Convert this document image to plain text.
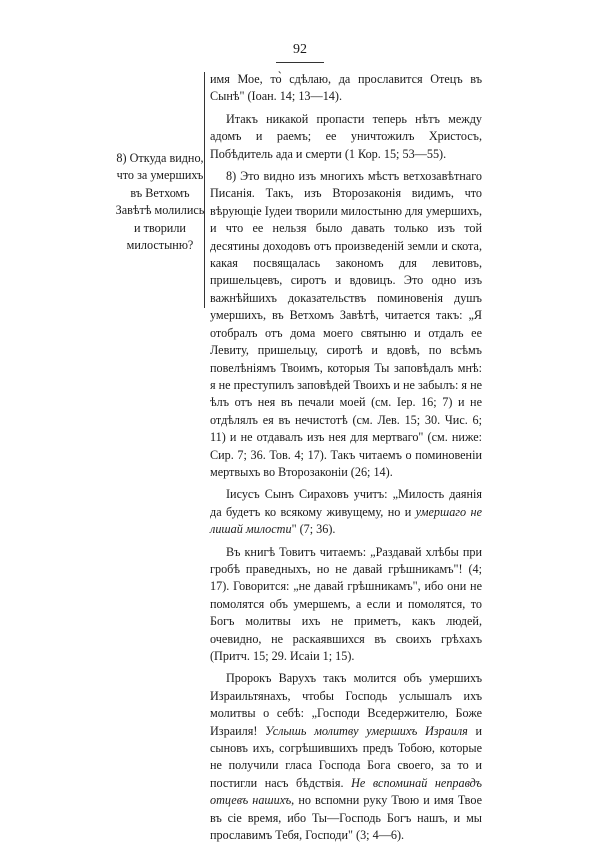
92
8) Откуда видно, что за умершихъ въ Ветхомъ Завѣтѣ молились и творили милостыню?

имя Мое, то̀ сдѣлаю, да прославится Отецъ въ Сынѣ" (Іоан. 14; 13—14).

Итакъ никакой пропасти теперь нѣтъ между адомъ и раемъ; ее уничтожилъ Христосъ, Побѣдитель ада и смерти (1 Кор. 15; 53—55).

8) Это видно изъ многихъ мѣстъ ветхозавѣтнаго Писанія. Такъ, изъ Второзаконія видимъ, что вѣрующіе Іудеи творили милостыню для умершихъ, и что ее нельзя было давать только изъ той десятины доходовъ отъ произведеній земли и скота, какая посвящалась закономъ для левитовъ, пришельцевъ, сиротъ и вдовицъ. Это одно изъ важнѣйшихъ доказательствъ поминовенія душъ умершихъ, въ Ветхомъ Завѣтѣ, читается такъ: „Я отобралъ отъ дома моего святыню и отдалъ ее Левиту, пришельцу, сиротѣ и вдовѣ, по всѣмъ повелѣніямъ Твоимъ, которыя Ты заповѣдалъ мнѣ: я не преступилъ заповѣдей Твоихъ и не забылъ: я не ѣлъ отъ нея въ печали моей (см. Іер. 16; 7) и не отдѣлялъ ея въ нечистотѣ (см. Лев. 15; 30. Чис. 6; 11) и не отдавалъ изъ нея для мертваго" (см. ниже: Сир. 7; 36. Тов. 4; 17). Такъ читаемъ о поминовеніи мертвыхъ во Второзаконіи (26; 14).

Іисусъ Сынъ Сираховъ учитъ: „Милость даянія да будетъ ко всякому живущему, но и умершаго не лишай милости" (7; 36).

Въ книгѣ Товитъ читаемъ: „Раздавай хлѣбы при гробѣ праведныхъ, но не давай грѣшникамъ"! (4; 17). Говорится: „не давай грѣшникамъ", ибо они не помолятся объ умершемъ, а если и помолятся, то Богъ молитвы ихъ не приметъ, какъ людей, очевидно, не раскаявшихся въ своихъ грѣхахъ (Притч. 15; 29. Исаіи 1; 15).

Пророкъ Варухъ такъ молится объ умершихъ Израильтянахъ, чтобы Господь услышалъ ихъ молитвы о себѣ: „Господи Вседержителю, Боже Израиля! Услышь молитву умершихъ Израиля и сыновъ ихъ, согрѣшившихъ предъ Тобою, которые не получили гласа Господа Бога своего, за то и постигли насъ бѣдствія. Не вспоминай неправдъ отцевъ нашихъ, но вспомни руку Твою и имя Твое въ сіе время, ибо Ты—Господь Богъ нашъ, и мы прославимъ Тебя, Господи" (3; 4—6).
